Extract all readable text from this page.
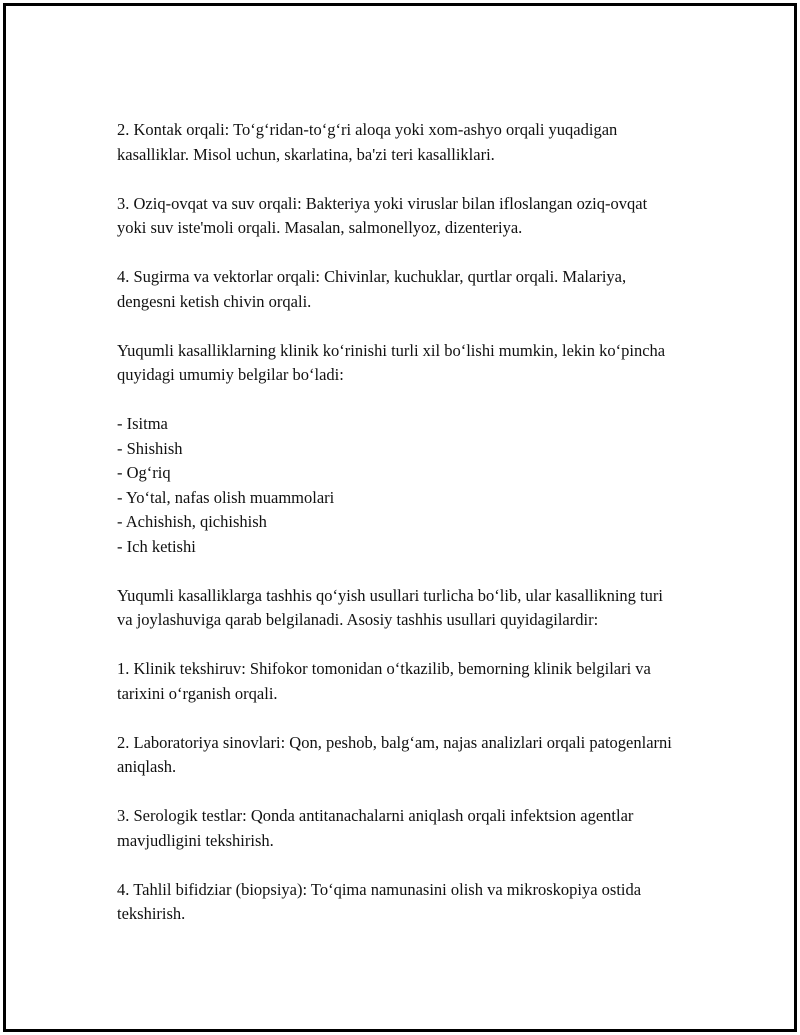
2. Kontak orqali: To‘g‘ridan-to‘g‘ri aloqa yoki xom-ashyo orqali yuqadigan kasalliklar. Misol uchun, skarlatina, ba'zi teri kasalliklari.

3. Oziq-ovqat va suv orqali: Bakteriya yoki viruslar bilan ifloslangan oziq-ovqat yoki suv iste'moli orqali. Masalan, salmonellyoz, dizenteriya.

4. Sugirma va vektorlar orqali: Chivinlar, kuchuklar, qurtlar orqali. Malariya, dengesni ketish chivin orqali.

Yuqumli kasalliklarning klinik ko‘rinishi turli xil bo‘lishi mumkin, lekin ko‘pincha quyidagi umumiy belgilar bo‘ladi:

- Isitma
- Shishish
- Og‘riq
- Yo‘tal, nafas olish muammolari
- Achishish, qichishish
- Ich ketishi

Yuqumli kasalliklarga tashhis qo‘yish usullari turlicha bo‘lib, ular kasallikning turi va joylashuviga qarab belgilanadi. Asosiy tashhis usullari quyidagilardir:

1. Klinik tekshiruv: Shifokor tomonidan o‘tkazilib, bemorning klinik belgilari va tarixini o‘rganish orqali.

2. Laboratoriya sinovlari: Qon, peshob, balg‘am, najas analizlari orqali patogenlarni aniqlash.

3. Serologik testlar: Qonda antitanachalarni aniqlash orqali infektsion agentlar mavjudligini tekshirish.

4. Tahlil bifidziar (biopsiya): To‘qima namunasini olish va mikroskopiya ostida tekshirish.
